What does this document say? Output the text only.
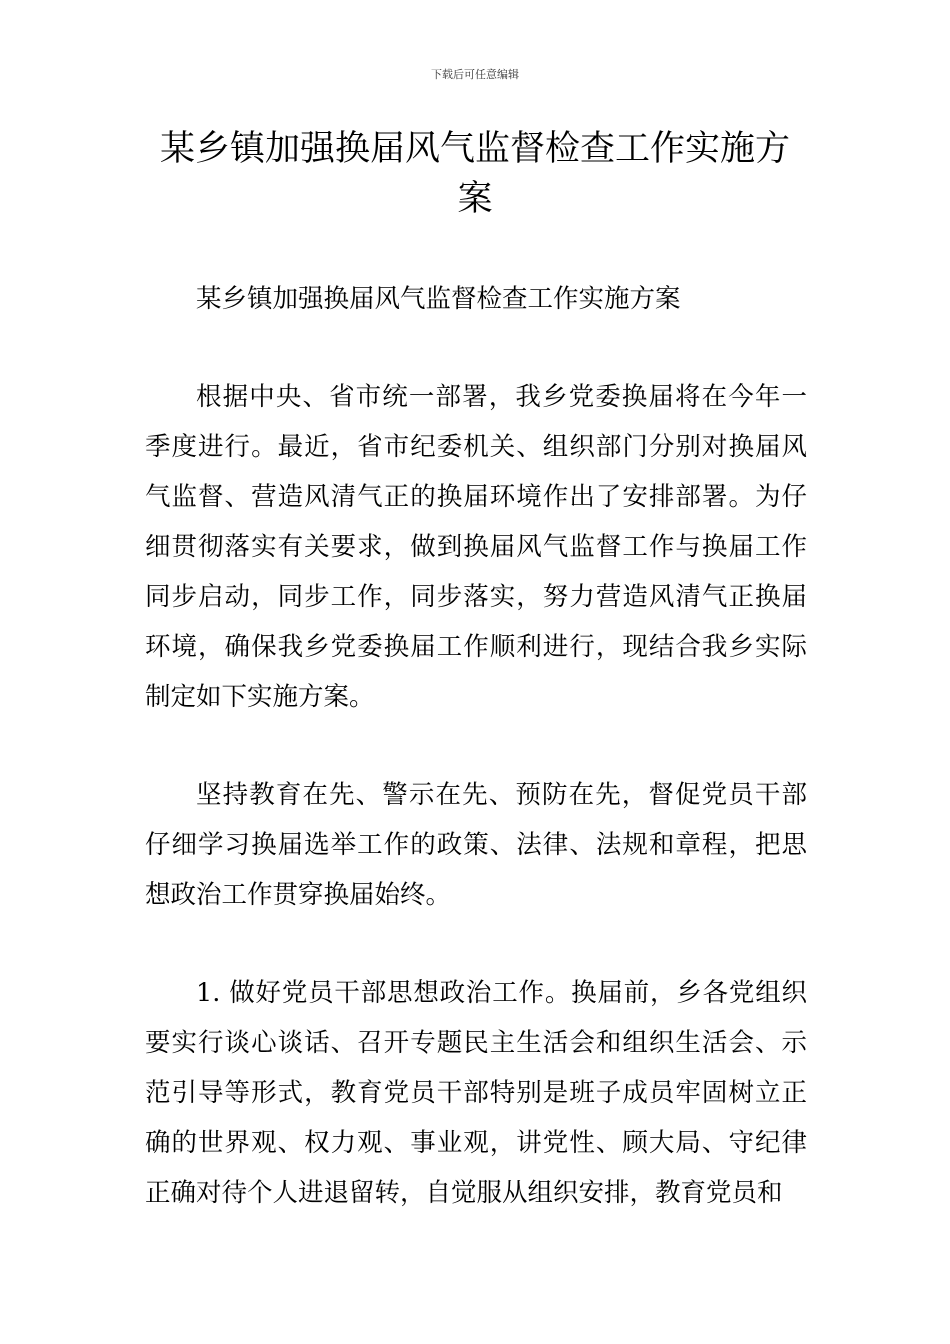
下载后可任意编辑
某乡镇加强换届风气监督检查工作实施方案

某乡镇加强换届风气监督检查工作实施方案

根据中央、省市统一部署，我乡党委换届将在今年一季度进行。最近，省市纪委机关、组织部门分别对换届风气监督、营造风清气正的换届环境作出了安排部署。为仔细贯彻落实有关要求，做到换届风气监督工作与换届工作同步启动，同步工作，同步落实，努力营造风清气正换届环境，确保我乡党委换届工作顺利进行，现结合我乡实际制定如下实施方案。

坚持教育在先、警示在先、预防在先，督促党员干部仔细学习换届选举工作的政策、法律、法规和章程，把思想政治工作贯穿换届始终。

1. 做好党员干部思想政治工作。换届前，乡各党组织要实行谈心谈话、召开专题民主生活会和组织生活会、示范引导等形式，教育党员干部特别是班子成员牢固树立正确的世界观、权力观、事业观，讲党性、顾大局、守纪律正确对待个人进退留转，自觉服从组织安排，教育党员和
